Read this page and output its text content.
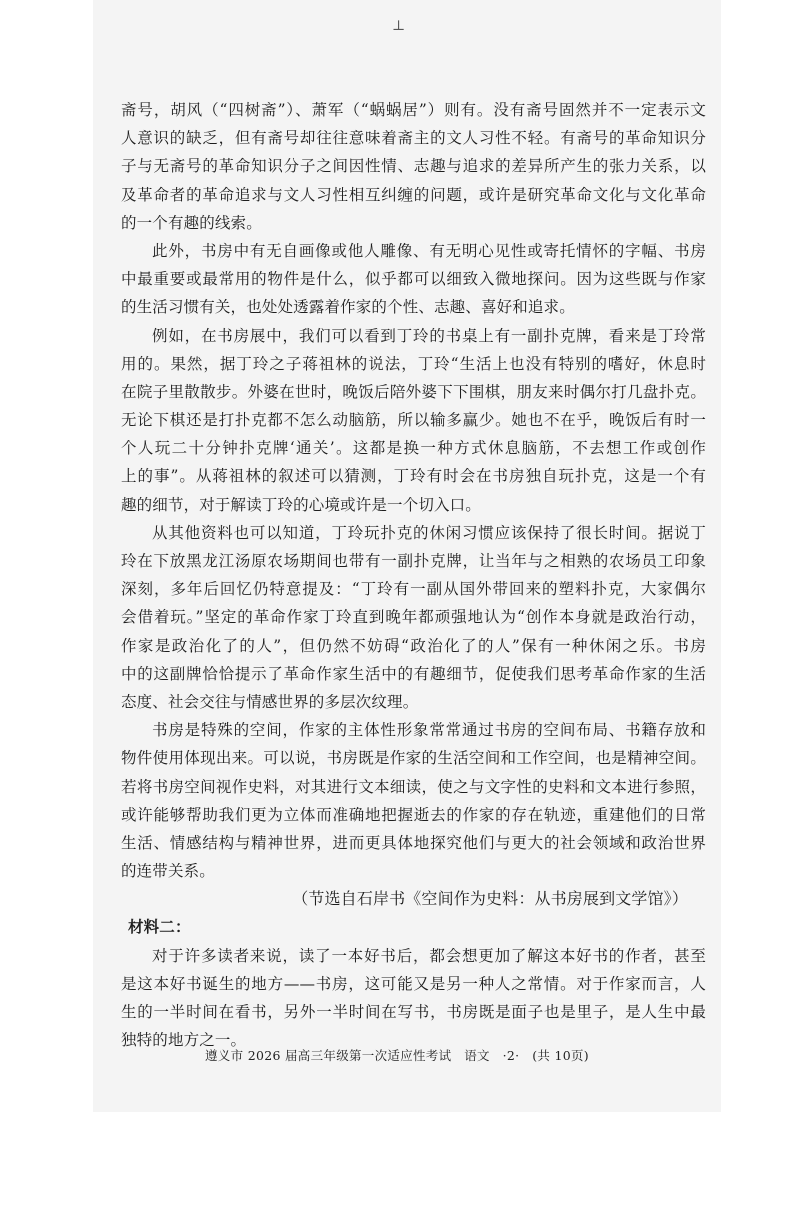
⊥
斋号，胡风（“四树斋”）、萧军（“蜗蜗居”）则有。没有斋号固然并不一定表示文
人意识的缺乏，但有斋号却往往意味着斋主的文人习性不轻。有斋号的革命知识分
子与无斋号的革命知识分子之间因性情、志趣与追求的差异所产生的张力关系，以
及革命者的革命追求与文人习性相互纠缠的问题，或许是研究革命文化与文化革命
的一个有趣的线索。
此外，书房中有无自画像或他人雕像、有无明心见性或寄托情怀的字幅、书房
中最重要或最常用的物件是什么，似乎都可以细致入微地探问。因为这些既与作家
的生活习惯有关，也处处透露着作家的个性、志趣、喜好和追求。
例如，在书房展中，我们可以看到丁玲的书桌上有一副扑克牌，看来是丁玲常
用的。果然，据丁玲之子蒋祖林的说法，丁玲“生活上也没有特别的嗜好，休息时
在院子里散散步。外婆在世时，晚饭后陪外婆下下围棋，朋友来时偶尔打几盘扑克。
无论下棋还是打扑克都不怎么动脑筋，所以输多赢少。她也不在乎，晚饭后有时一
个人玩二十分钟扑克牌‘通关’。这都是换一种方式休息脑筋，不去想工作或创作
上的事”。从蒋祖林的叙述可以猜测，丁玲有时会在书房独自玩扑克，这是一个有
趣的细节，对于解读丁玲的心境或许是一个切入口。
从其他资料也可以知道，丁玲玩扑克的休闲习惯应该保持了很长时间。据说丁
玲在下放黑龙江汤原农场期间也带有一副扑克牌，让当年与之相熟的农场员工印象
深刻，多年后回忆仍特意提及：“丁玲有一副从国外带回来的塑料扑克，大家偶尔
会借着玩。”坚定的革命作家丁玲直到晚年都顽强地认为“创作本身就是政治行动，
作家是政治化了的人”，但仍然不妨碍“政治化了的人”保有一种休闲之乐。书房
中的这副牌恰恰提示了革命作家生活中的有趣细节，促使我们思考革命作家的生活
态度、社会交往与情感世界的多层次纹理。
书房是特殊的空间，作家的主体性形象常常通过书房的空间布局、书籍存放和
物件使用体现出来。可以说，书房既是作家的生活空间和工作空间，也是精神空间。
若将书房空间视作史料，对其进行文本细读，使之与文字性的史料和文本进行参照，
或许能够帮助我们更为立体而准确地把握逝去的作家的存在轨迹，重建他们的日常
生活、情感结构与精神世界，进而更具体地探究他们与更大的社会领域和政治世界
的连带关系。
（节选自石岸书《空间作为史料：从书房展到文学馆》）
材料二：
对于许多读者来说，读了一本好书后，都会想更加了解这本好书的作者，甚至
是这本好书诞生的地方——书房，这可能又是另一种人之常情。对于作家而言，人
生的一半时间在看书，另外一半时间在写书，书房既是面子也是里子，是人生中最
独特的地方之一。
遵义市 2026 届高三年级第一次适应性考试　语文　·2·　(共 10页)
